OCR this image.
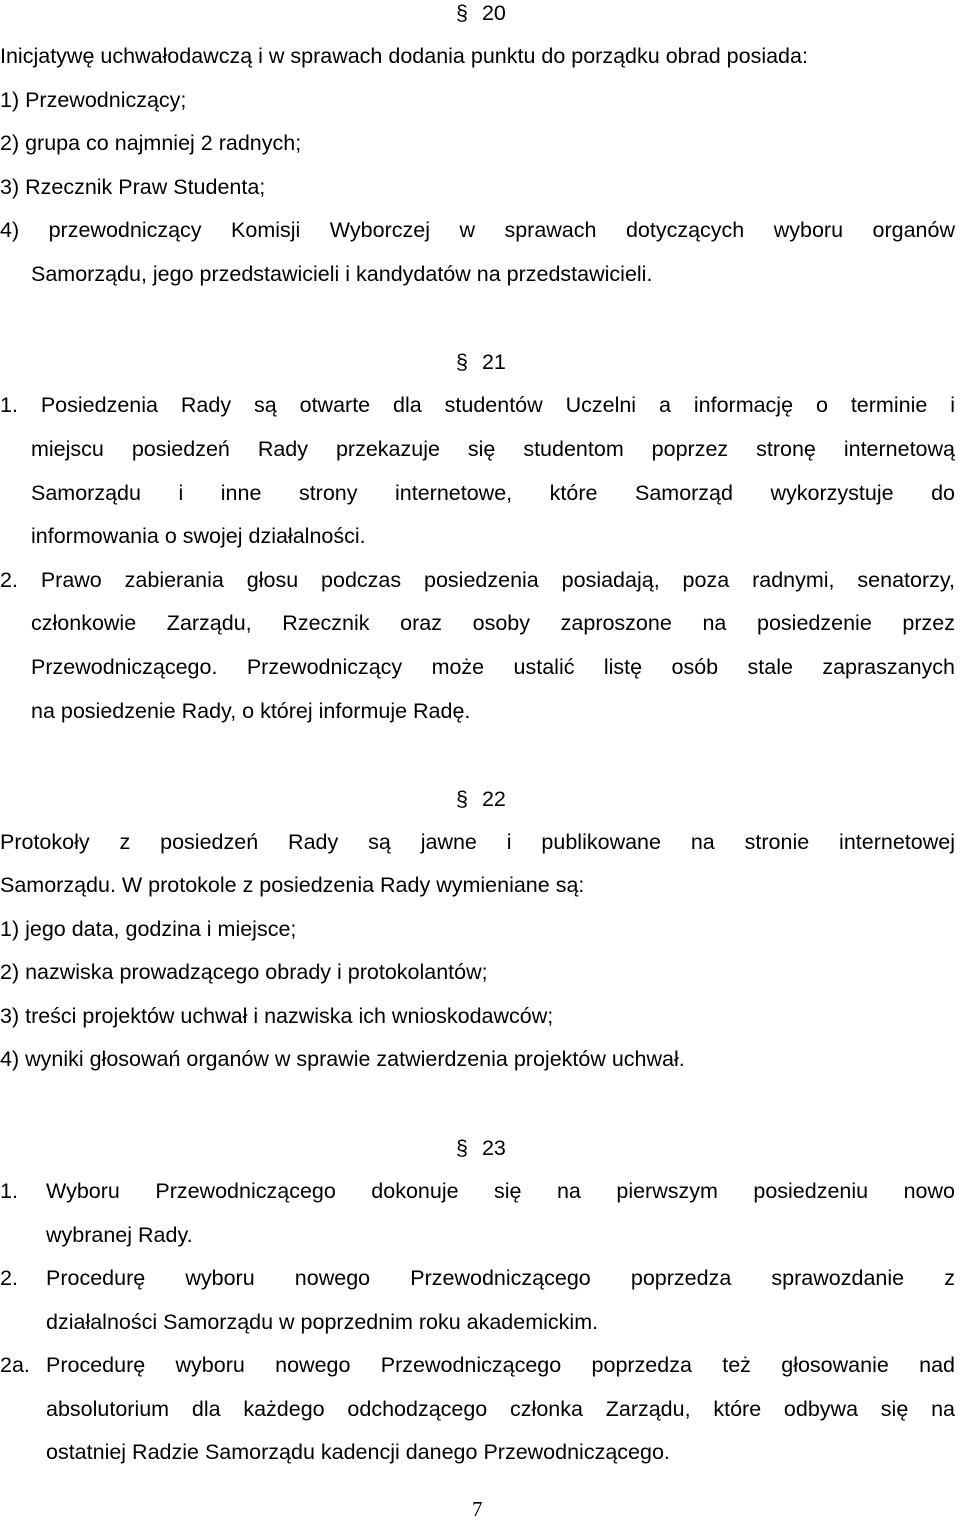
§ 20
Inicjatywę uchwałodawczą i w sprawach dodania punktu do porządku obrad posiada:
1) Przewodniczący;
2) grupa co najmniej 2 radnych;
3) Rzecznik Praw Studenta;
4) przewodniczący Komisji Wyborczej w sprawach dotyczących wyboru organów
Samorządu, jego przedstawicieli i kandydatów na przedstawicieli.
§ 21
1. Posiedzenia Rady są otwarte dla studentów Uczelni a informację o terminie i
miejscu posiedzeń Rady przekazuje się studentom poprzez stronę internetową
Samorządu i inne strony internetowe, które Samorząd wykorzystuje do
informowania o swojej działalności.
2. Prawo zabierania głosu podczas posiedzenia posiadają, poza radnymi, senatorzy,
członkowie Zarządu, Rzecznik oraz osoby zaproszone na posiedzenie przez
Przewodniczącego. Przewodniczący może ustalić listę osób stale zapraszanych
na posiedzenie Rady, o której informuje Radę.
§ 22
Protokoły z posiedzeń Rady są jawne i publikowane na stronie internetowej
Samorządu. W protokole z posiedzenia Rady wymieniane są:
1) jego data, godzina i miejsce;
2) nazwiska prowadzącego obrady i protokolantów;
3) treści projektów uchwał i nazwiska ich wnioskodawców;
4) wyniki głosowań organów w sprawie zatwierdzenia projektów uchwał.
§ 23
1. Wyboru Przewodniczącego dokonuje się na pierwszym posiedzeniu nowo
wybranej Rady.
2. Procedurę wyboru nowego Przewodniczącego poprzedza sprawozdanie z
działalności Samorządu w poprzednim roku akademickim.
2a. Procedurę wyboru nowego Przewodniczącego poprzedza też głosowanie nad
absolutorium dla każdego odchodzącego członka Zarządu, które odbywa się na
ostatniej Radzie Samorządu kadencji danego Przewodniczącego.
7
